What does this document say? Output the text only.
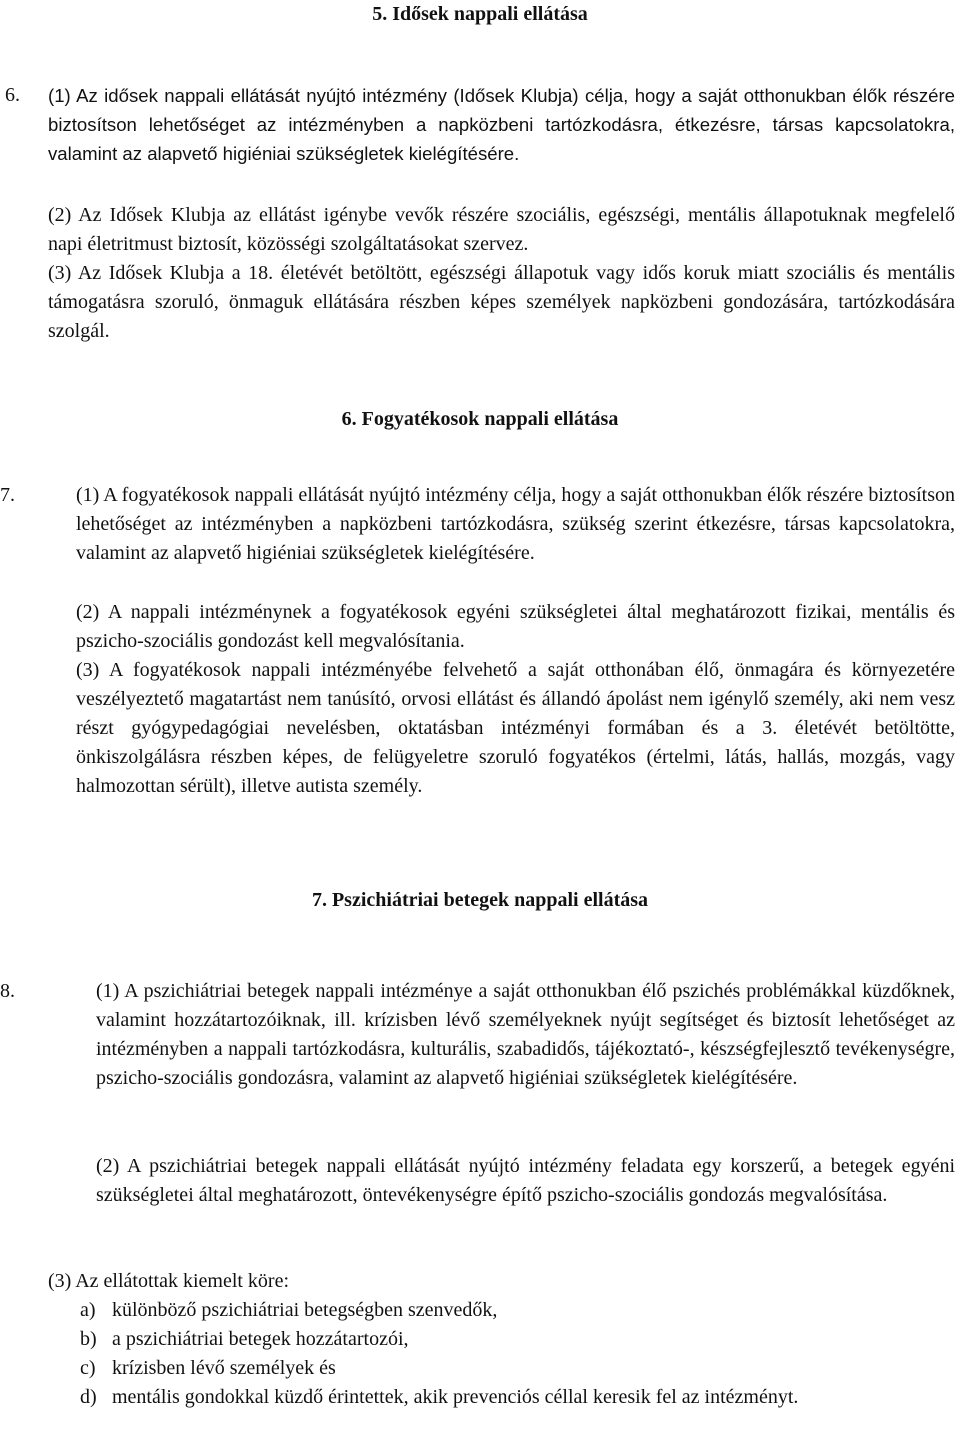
5. Idősek nappali ellátása
6. (1) Az idősek nappali ellátását nyújtó intézmény (Idősek Klubja) célja, hogy a saját otthonukban élők részére biztosítson lehetőséget az intézményben a napközbeni tartózkodásra, étkezésre, társas kapcsolatokra, valamint az alapvető higiéniai szükségletek kielégítésére.
(2) Az Idősek Klubja az ellátást igénybe vevők részére szociális, egészségi, mentális állapotuknak megfelelő napi életritmust biztosít, közösségi szolgáltatásokat szervez.
(3) Az Idősek Klubja a 18. életévét betöltött, egészségi állapotuk vagy idős koruk miatt szociális és mentális támogatásra szoruló, önmaguk ellátására részben képes személyek napközbeni gondozására, tartózkodására szolgál.
6. Fogyatékosok nappali ellátása
7.	(1) A fogyatékosok nappali ellátását nyújtó intézmény célja, hogy a saját otthonukban élők részére biztosítson lehetőséget az intézményben a napközbeni tartózkodásra, szükség szerint étkezésre, társas kapcsolatokra, valamint az alapvető higiéniai szükségletek kielégítésére.
(2) A nappali intézménynek a fogyatékosok egyéni szükségletei által meghatározott fizikai, mentális és pszicho-szociális gondozást kell megvalósítania.
(3) A fogyatékosok nappali intézményébe felvehető a saját otthonában élő, önmagára és környezetére veszélyeztető magatartást nem tanúsító, orvosi ellátást és állandó ápolást nem igénylő személy, aki nem vesz részt gyógypedagógiai nevelésben, oktatásban intézményi formában és a 3. életévét betöltötte, önkiszolgálásra részben képes, de felügyeletre szoruló fogyatékos (értelmi, látás, hallás, mozgás, vagy halmozottan sérült), illetve autista személy.
7. Pszichiátriai betegek nappali ellátása
8.	(1) A pszichiátriai betegek nappali intézménye a saját otthonukban élő pszichés problémákkal küzdőknek, valamint hozzátartozóiknak, ill. krízisben lévő személyeknek nyújt segítséget és biztosít lehetőséget az intézményben a nappali tartózkodásra, kulturális, szabadidős, tájékoztató-, készségfejlesztő tevékenységre, pszicho-szociális gondozásra, valamint az alapvető higiéniai szükségletek kielégítésére.
(2) A pszichiátriai betegek nappali ellátását nyújtó intézmény feladata egy korszerű, a betegek egyéni szükségletei által meghatározott, öntevékenységre építő pszicho-szociális gondozás megvalósítása.
(3) Az ellátottak kiemelt köre:
a) különböző pszichiátriai betegségben szenvedők,
b) a pszichiátriai betegek hozzátartozói,
c) krízisben lévő személyek és
d) mentális gondokkal küzdő érintettek, akik prevenciós céllal keresik fel az intézményt.
